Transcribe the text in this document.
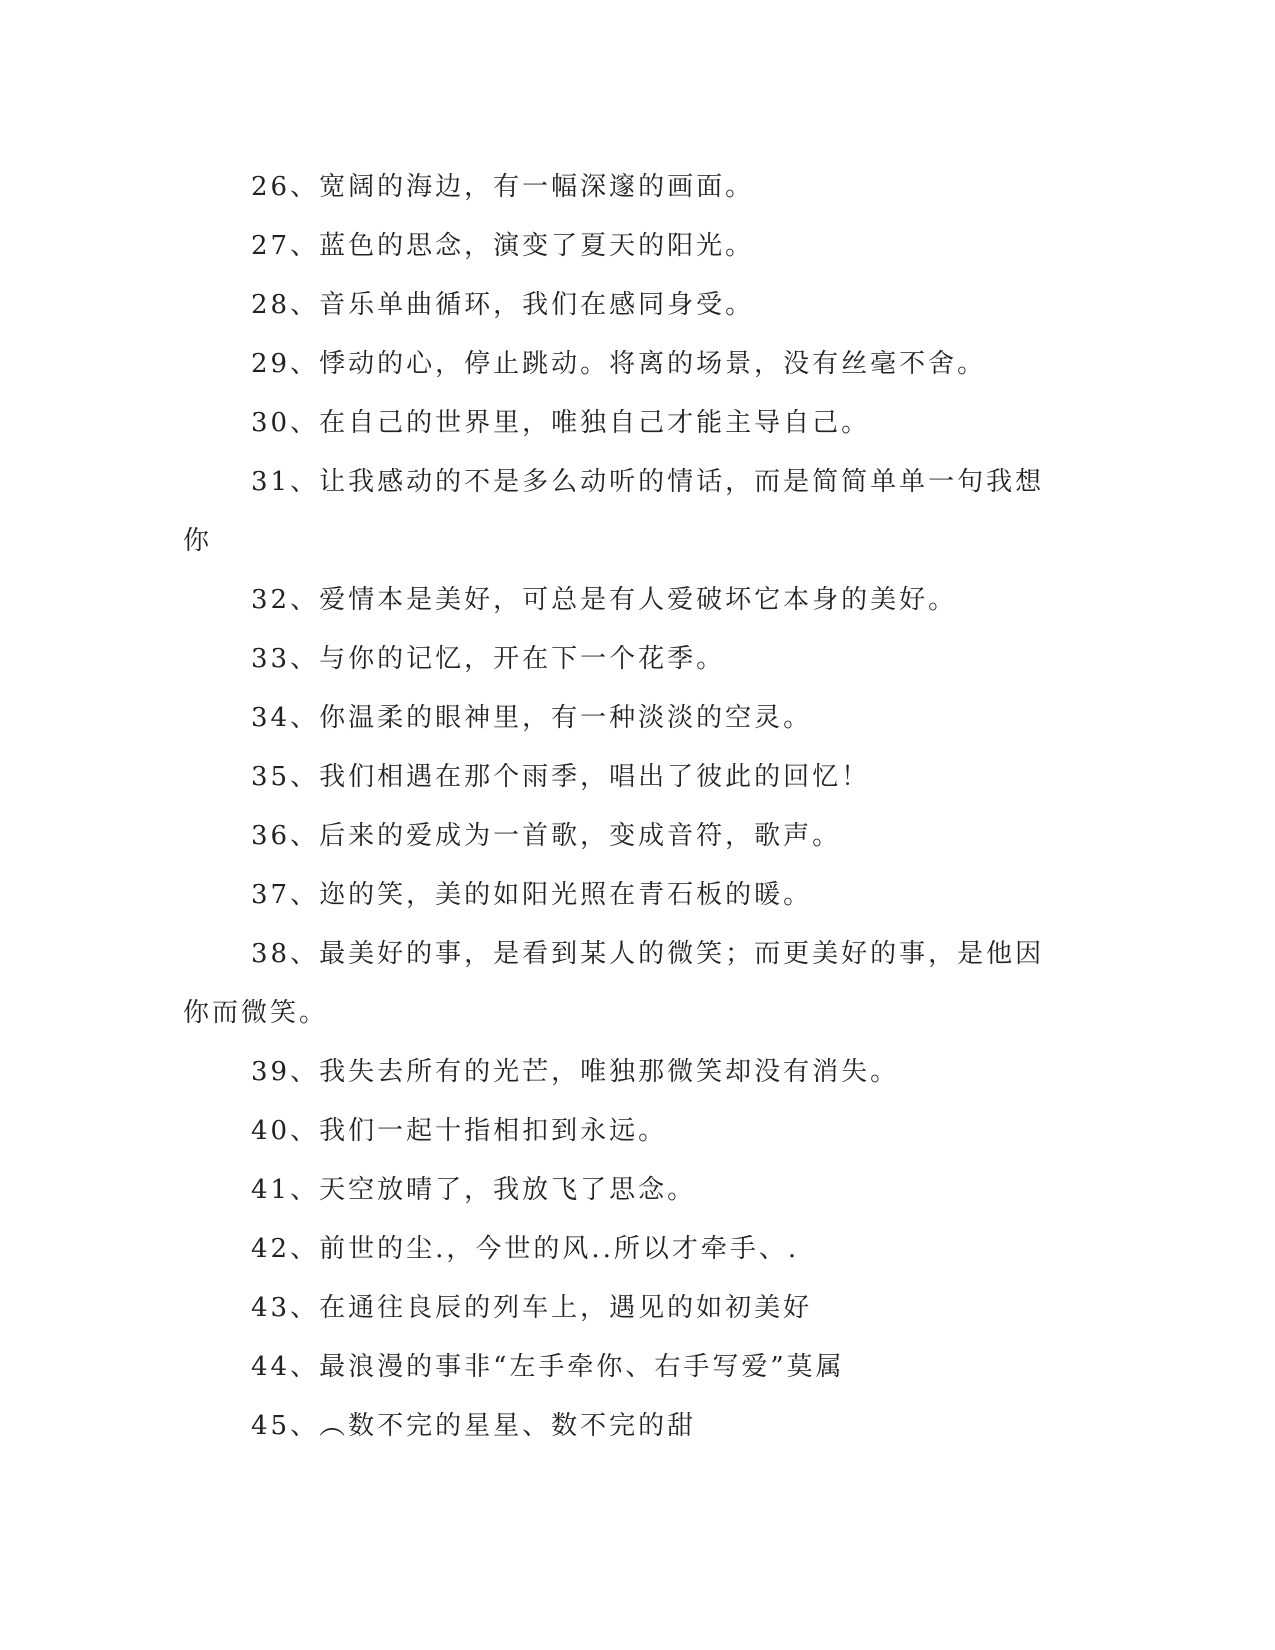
26、宽阔的海边，有一幅深邃的画面。

27、蓝色的思念，演变了夏天的阳光。

28、音乐单曲循环，我们在感同身受。

29、悸动的心，停止跳动。将离的场景，没有丝毫不舍。

30、在自己的世界里，唯独自己才能主导自己。

31、让我感动的不是多么动听的情话，而是简简单单一句我想你

32、爱情本是美好，可总是有人爱破坏它本身的美好。

33、与你的记忆，开在下一个花季。

34、你温柔的眼神里，有一种淡淡的空灵。

35、我们相遇在那个雨季，唱出了彼此的回忆！

36、后来的爱成为一首歌，变成音符，歌声。

37、迩的笑，美的如阳光照在青石板的暖。

38、最美好的事，是看到某人的微笑；而更美好的事，是他因你而微笑。

39、我失去所有的光芒，唯独那微笑却没有消失。

40、我们一起十指相扣到永远。

41、天空放晴了，我放飞了思念。

42、前世的尘.，今世的风..所以才牵手、.

43、在通往良辰的列车上，遇见的如初美好

44、最浪漫的事非“左手牵你、右手写爱”莫属

45、︵数不完的星星、数不完的甜
